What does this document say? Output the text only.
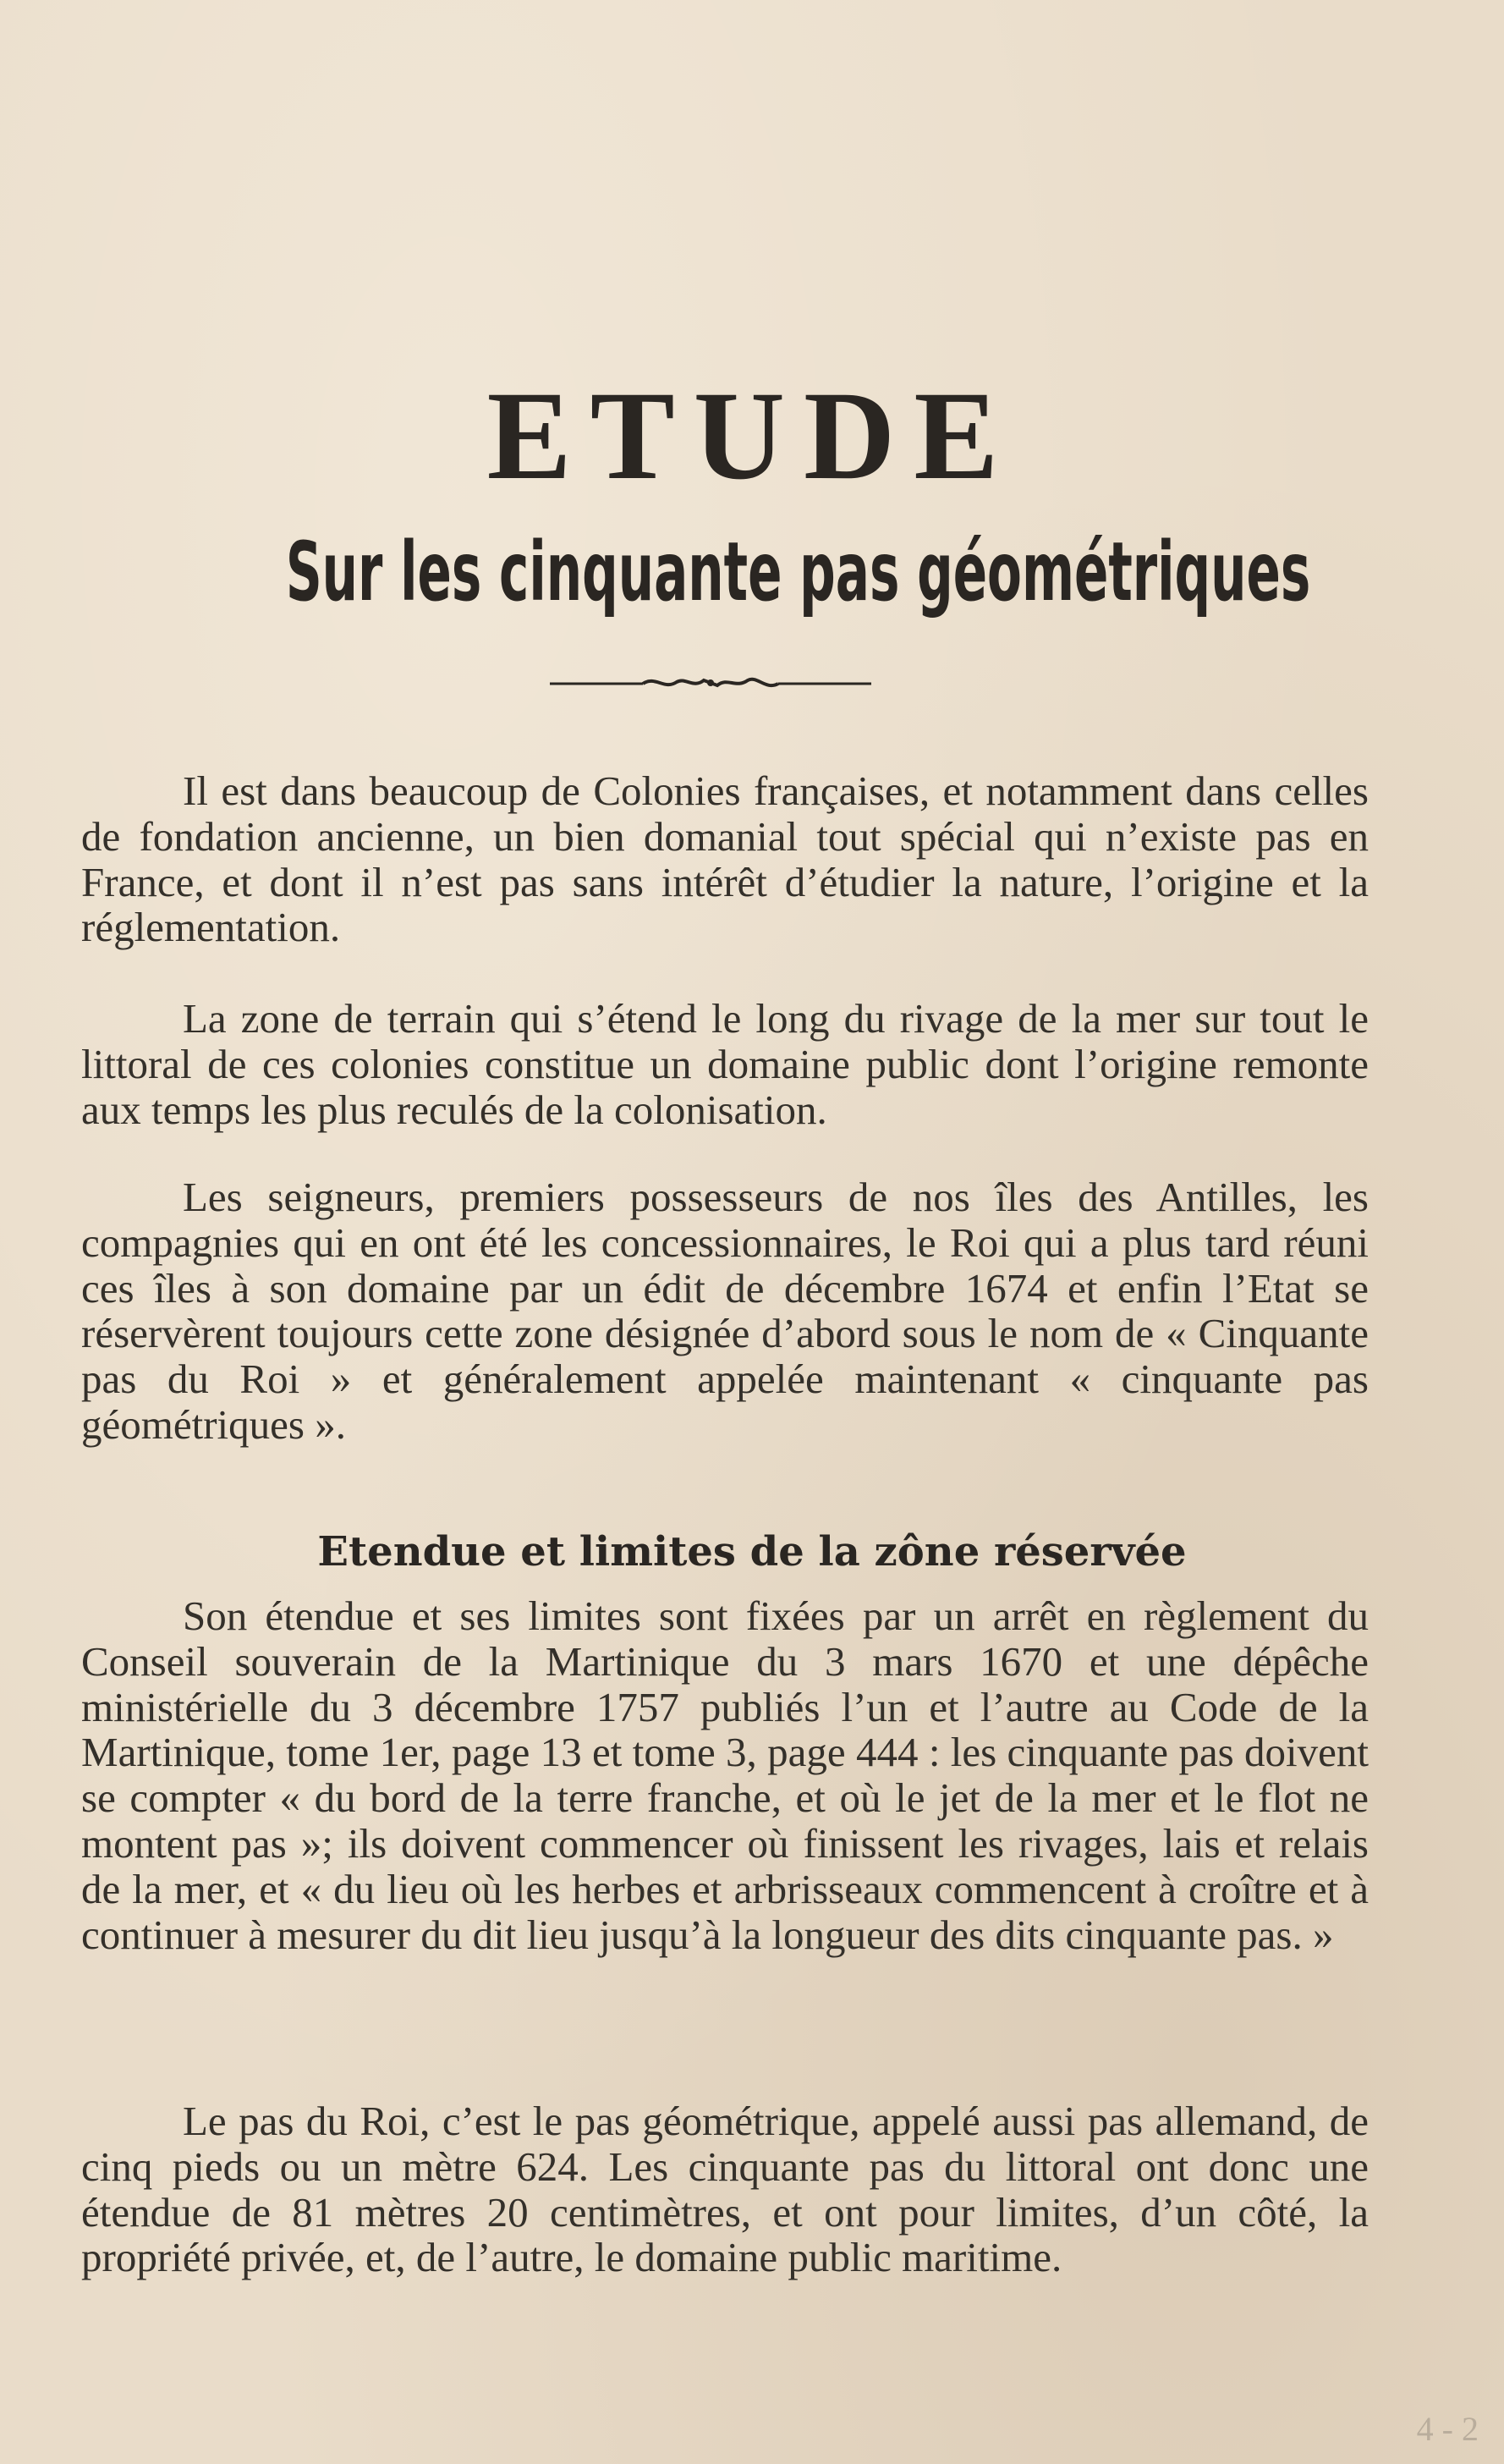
ETUDE
Sur les cinquante pas géométriques

Il est dans beaucoup de Colonies françaises, et notamment dans celles de fondation ancienne, un bien domanial tout spécial qui n’existe pas en France, et dont il n’est pas sans intérêt d’étudier la nature, l’origine et la réglementation.

La zone de terrain qui s’étend le long du rivage de la mer sur tout le littoral de ces colonies constitue un domaine public dont l’origine remonte aux temps les plus reculés de la colonisation.

Les seigneurs, premiers possesseurs de nos îles des Antilles, les compagnies qui en ont été les concessionnaires, le Roi qui a plus tard réuni ces îles à son domaine par un édit de décembre 1674 et enfin l’Etat se réservèrent toujours cette zone désignée d’abord sous le nom de « Cinquante pas du Roi » et généralement appelée maintenant « cinquante pas géométriques ».

Etendue et limites de la zône réservée

Son étendue et ses limites sont fixées par un arrêt en règlement du Conseil souverain de la Martinique du 3 mars 1670 et une dépêche ministérielle du 3 décembre 1757 publiés l’un et l’autre au Code de la Martinique, tome 1er, page 13 et tome 3, page 444 : les cinquante pas doivent se compter « du bord de la terre franche, et où le jet de la mer et le flot ne montent pas »; ils doivent commencer où finissent les rivages, lais et relais de la mer, et « du lieu où les herbes et arbrisseaux commencent à croître et à continuer à mesurer du dit lieu jusqu’à la longueur des dits cinquante pas. »

Le pas du Roi, c’est le pas géométrique, appelé aussi pas allemand, de cinq pieds ou un mètre 624. Les cinquante pas du littoral ont donc une étendue de 81 mètres 20 centimètres, et ont pour limites, d’un côté, la propriété privée, et, de l’autre, le domaine public maritime.

4 - 2
